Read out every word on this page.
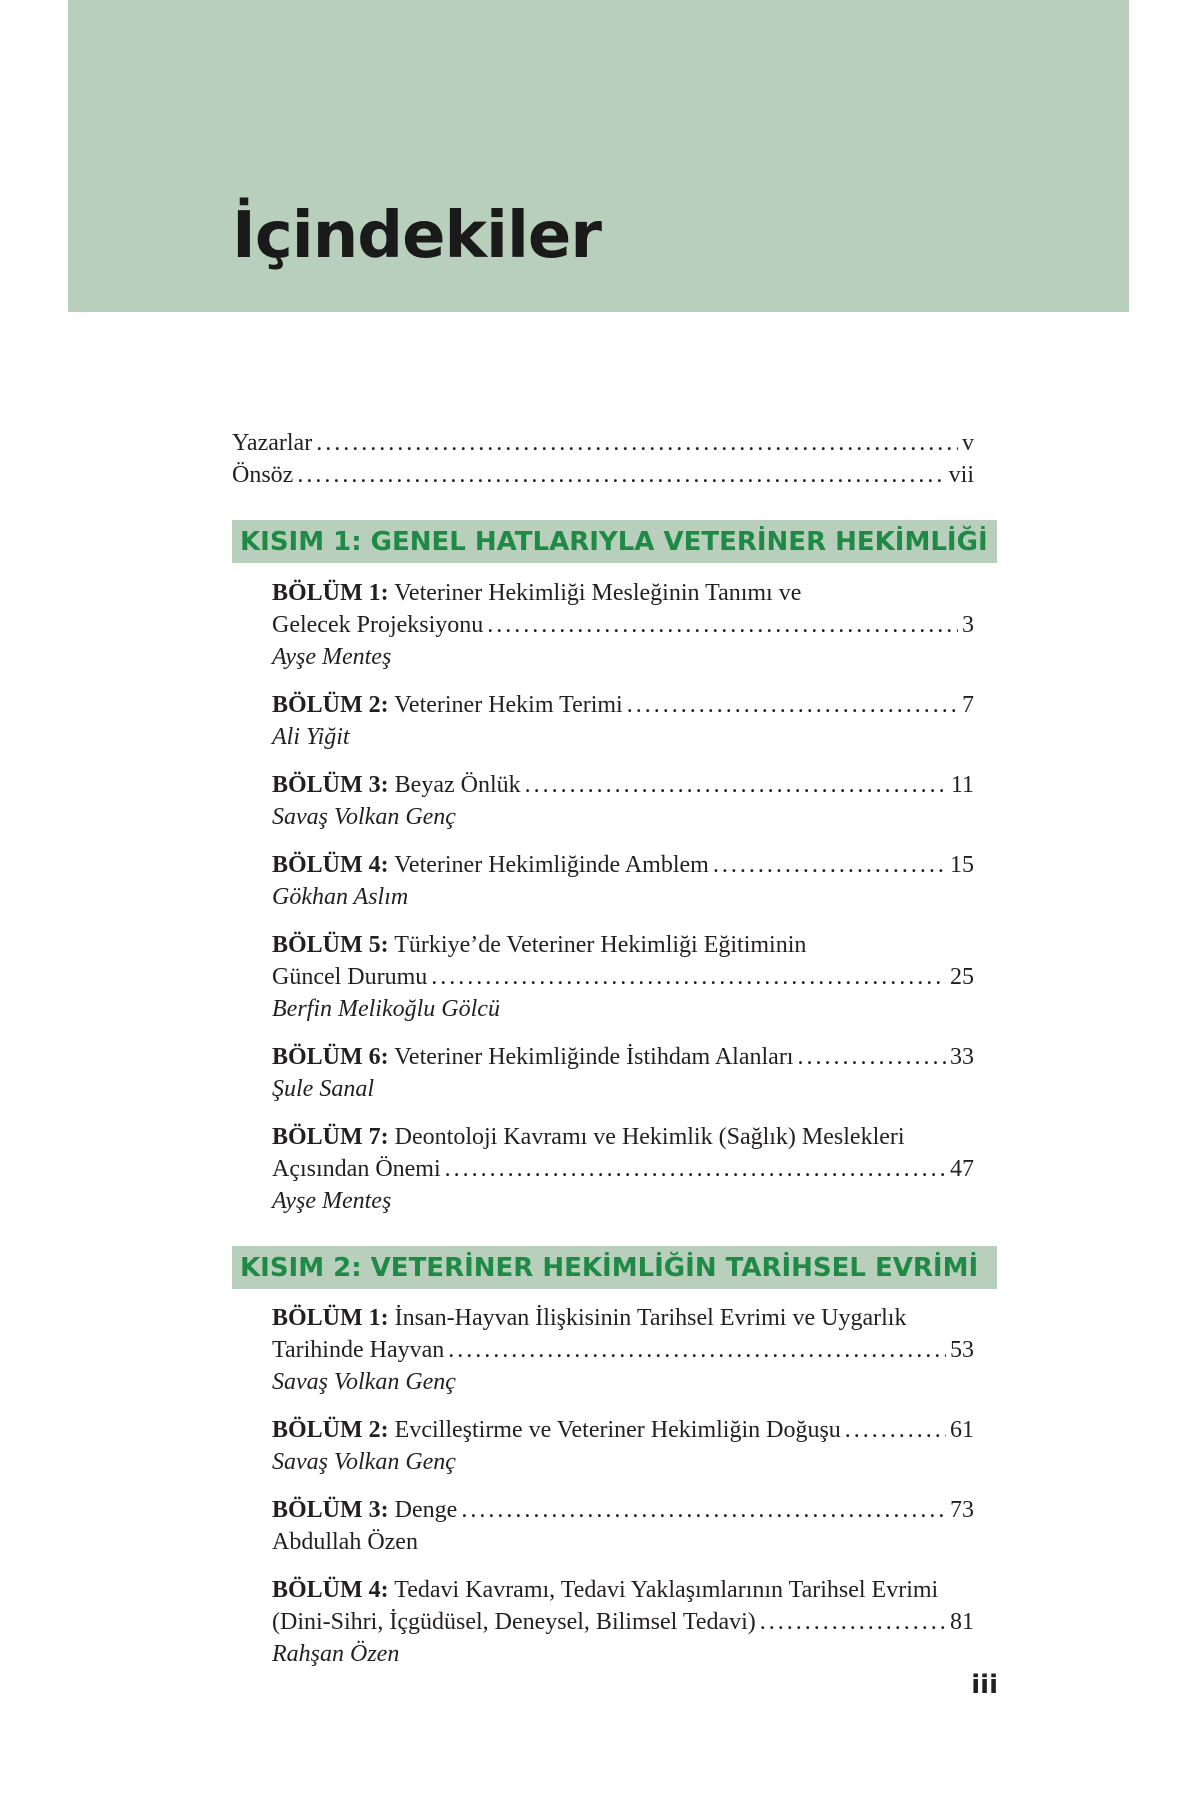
İçindekiler
Yazarlar .....	v
Önsöz .....	vii
KISIM 1: GENEL HATLARIYLA VETERİNER HEKİMLİĞİ
BÖLÜM 1: Veteriner Hekimliği Mesleğinin Tanımı ve
Gelecek Projeksiyonu .....	3
Ayşe Menteş
BÖLÜM 2: Veteriner Hekim Terimi .....	7
Ali Yiğit
BÖLÜM 3: Beyaz Önlük .....	11
Savaş Volkan Genç
BÖLÜM 4: Veteriner Hekimliğinde Amblem .....	15
Gökhan Aslım
BÖLÜM 5: Türkiye’de Veteriner Hekimliği Eğitiminin
Güncel Durumu .....	25
Berfin Melikoğlu Gölcü
BÖLÜM 6: Veteriner Hekimliğinde İstihdam Alanları .....	33
Şule Sanal
BÖLÜM 7: Deontoloji Kavramı ve Hekimlik (Sağlık) Meslekleri
Açısından Önemi .....	47
Ayşe Menteş
KISIM 2: VETERİNER HEKİMLİĞİN TARİHSEL EVRİMİ
BÖLÜM 1: İnsan-Hayvan İlişkisinin Tarihsel Evrimi ve Uygarlık
Tarihinde Hayvan .....	53
Savaş Volkan Genç
BÖLÜM 2: Evcilleştirme ve Veteriner Hekimliğin Doğuşu .....	61
Savaş Volkan Genç
BÖLÜM 3: Denge .....	73
Abdullah Özen
BÖLÜM 4: Tedavi Kavramı, Tedavi Yaklaşımlarının Tarihsel Evrimi
(Dini-Sihri, İçgüdüsel, Deneysel, Bilimsel Tedavi) .....	81
Rahşan Özen
iii
